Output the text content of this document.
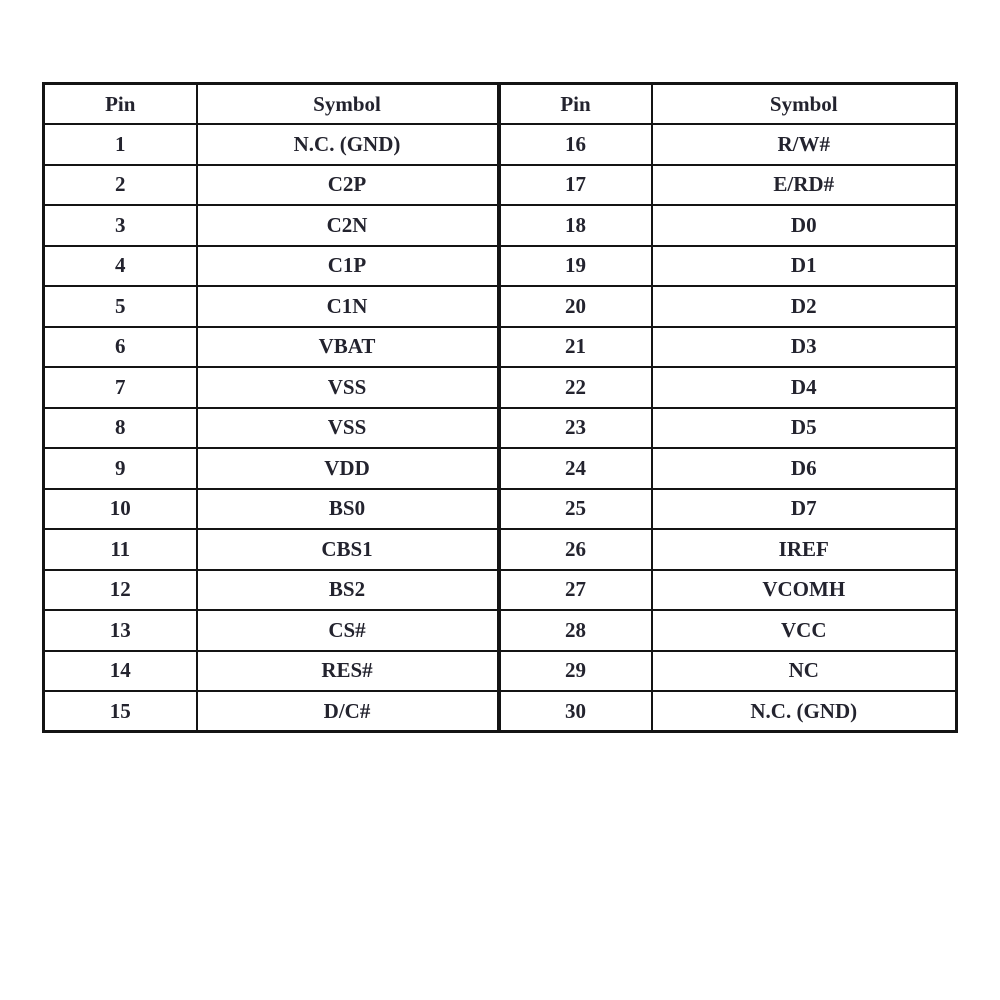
Pin	Symbol	Pin	Symbol
1	N.C. (GND)	16	R/W#
2	C2P	17	E/RD#
3	C2N	18	D0
4	C1P	19	D1
5	C1N	20	D2
6	VBAT	21	D3
7	VSS	22	D4
8	VSS	23	D5
9	VDD	24	D6
10	BS0	25	D7
11	CBS1	26	IREF
12	BS2	27	VCOMH
13	CS#	28	VCC
14	RES#	29	NC
15	D/C#	30	N.C. (GND)
